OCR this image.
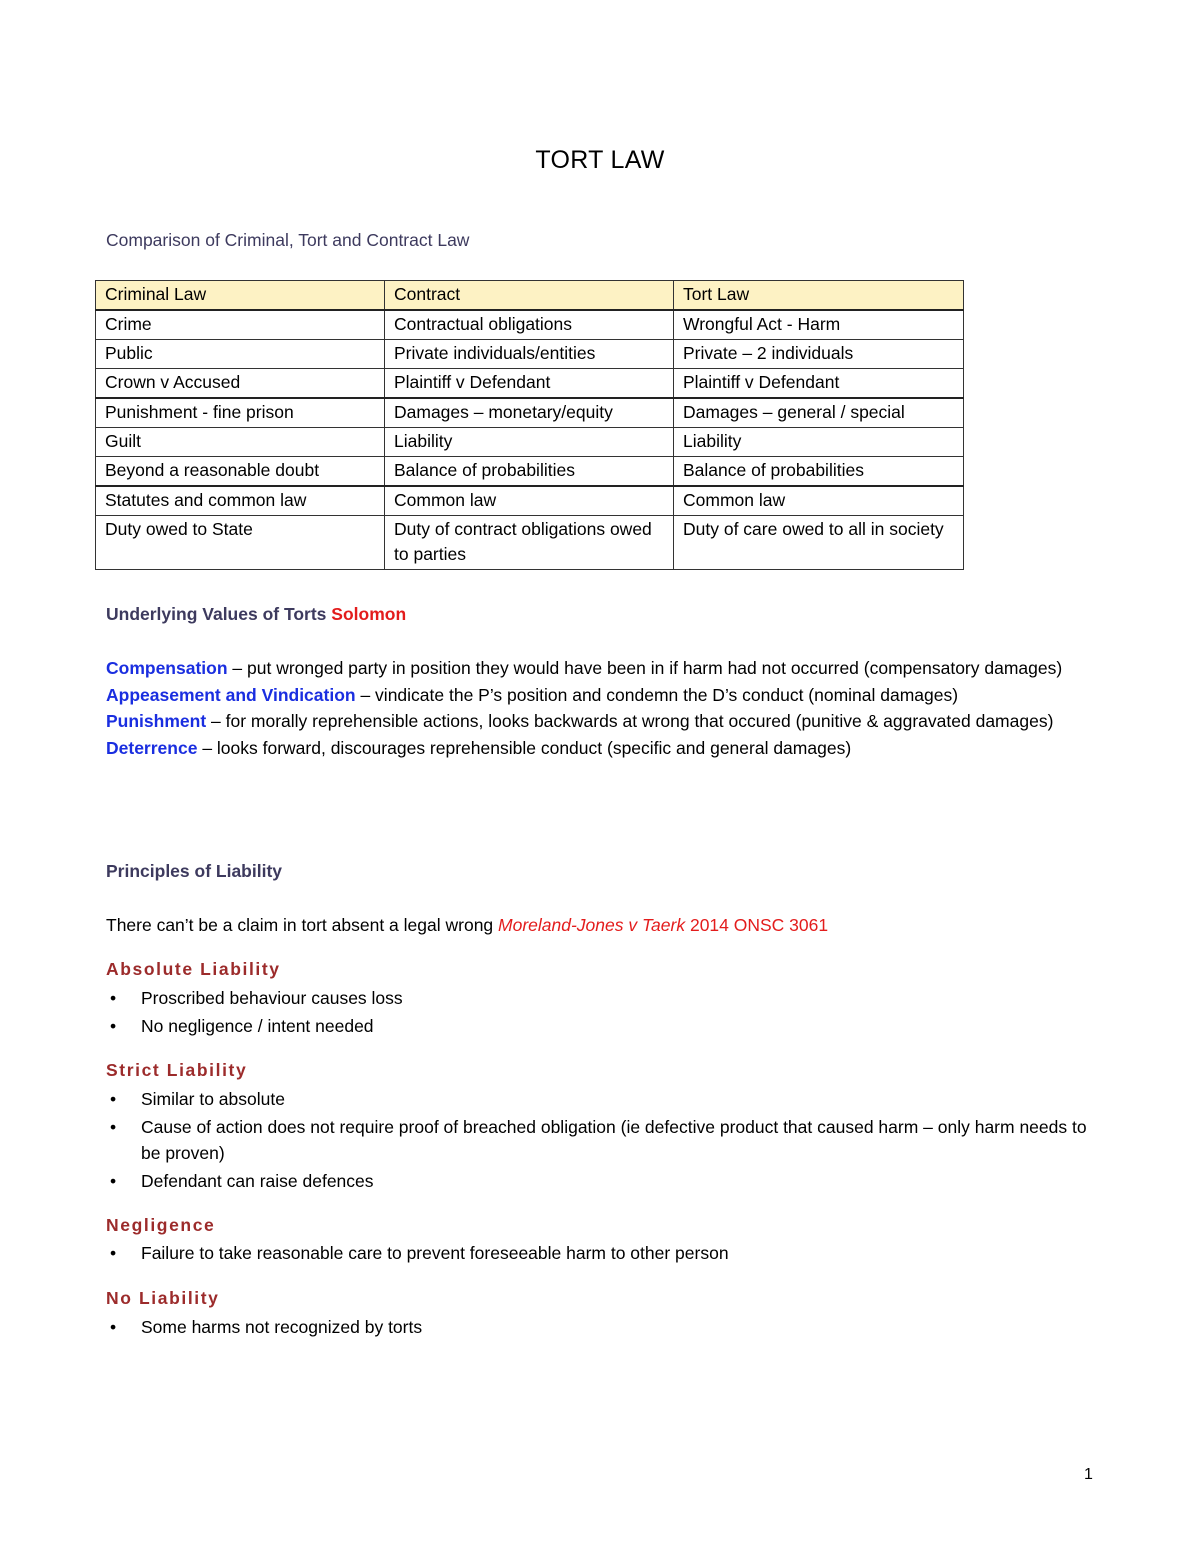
TORT LAW
Comparison of Criminal, Tort and Contract Law
Criminal Law	Contract	Tort Law
Crime	Contractual obligations	Wrongful Act - Harm
Public	Private individuals/entities	Private – 2 individuals
Crown v Accused	Plaintiff v Defendant	Plaintiff v Defendant
Punishment - fine prison	Damages – monetary/equity	Damages – general / special
Guilt	Liability	Liability
Beyond a reasonable doubt	Balance of probabilities	Balance of probabilities
Statutes and common law	Common law	Common law
Duty owed to State	Duty of contract obligations owed to parties	Duty of care owed to all in society
Underlying Values of Torts Solomon
Compensation – put wronged party in position they would have been in if harm had not occurred (compensatory damages)
Appeasement and Vindication – vindicate the P’s position and condemn the D’s conduct (nominal damages)
Punishment – for morally reprehensible actions, looks backwards at wrong that occured (punitive & aggravated damages)
Deterrence – looks forward, discourages reprehensible conduct (specific and general damages)
Principles of Liability
There can’t be a claim in tort absent a legal wrong Moreland-Jones v Taerk 2014 ONSC 3061
Absolute Liability
• Proscribed behaviour causes loss
• No negligence / intent needed
Strict Liability
• Similar to absolute
• Cause of action does not require proof of breached obligation (ie defective product that caused harm – only harm needs to be proven)
• Defendant can raise defences
Negligence
• Failure to take reasonable care to prevent foreseeable harm to other person
No Liability
• Some harms not recognized by torts
1
